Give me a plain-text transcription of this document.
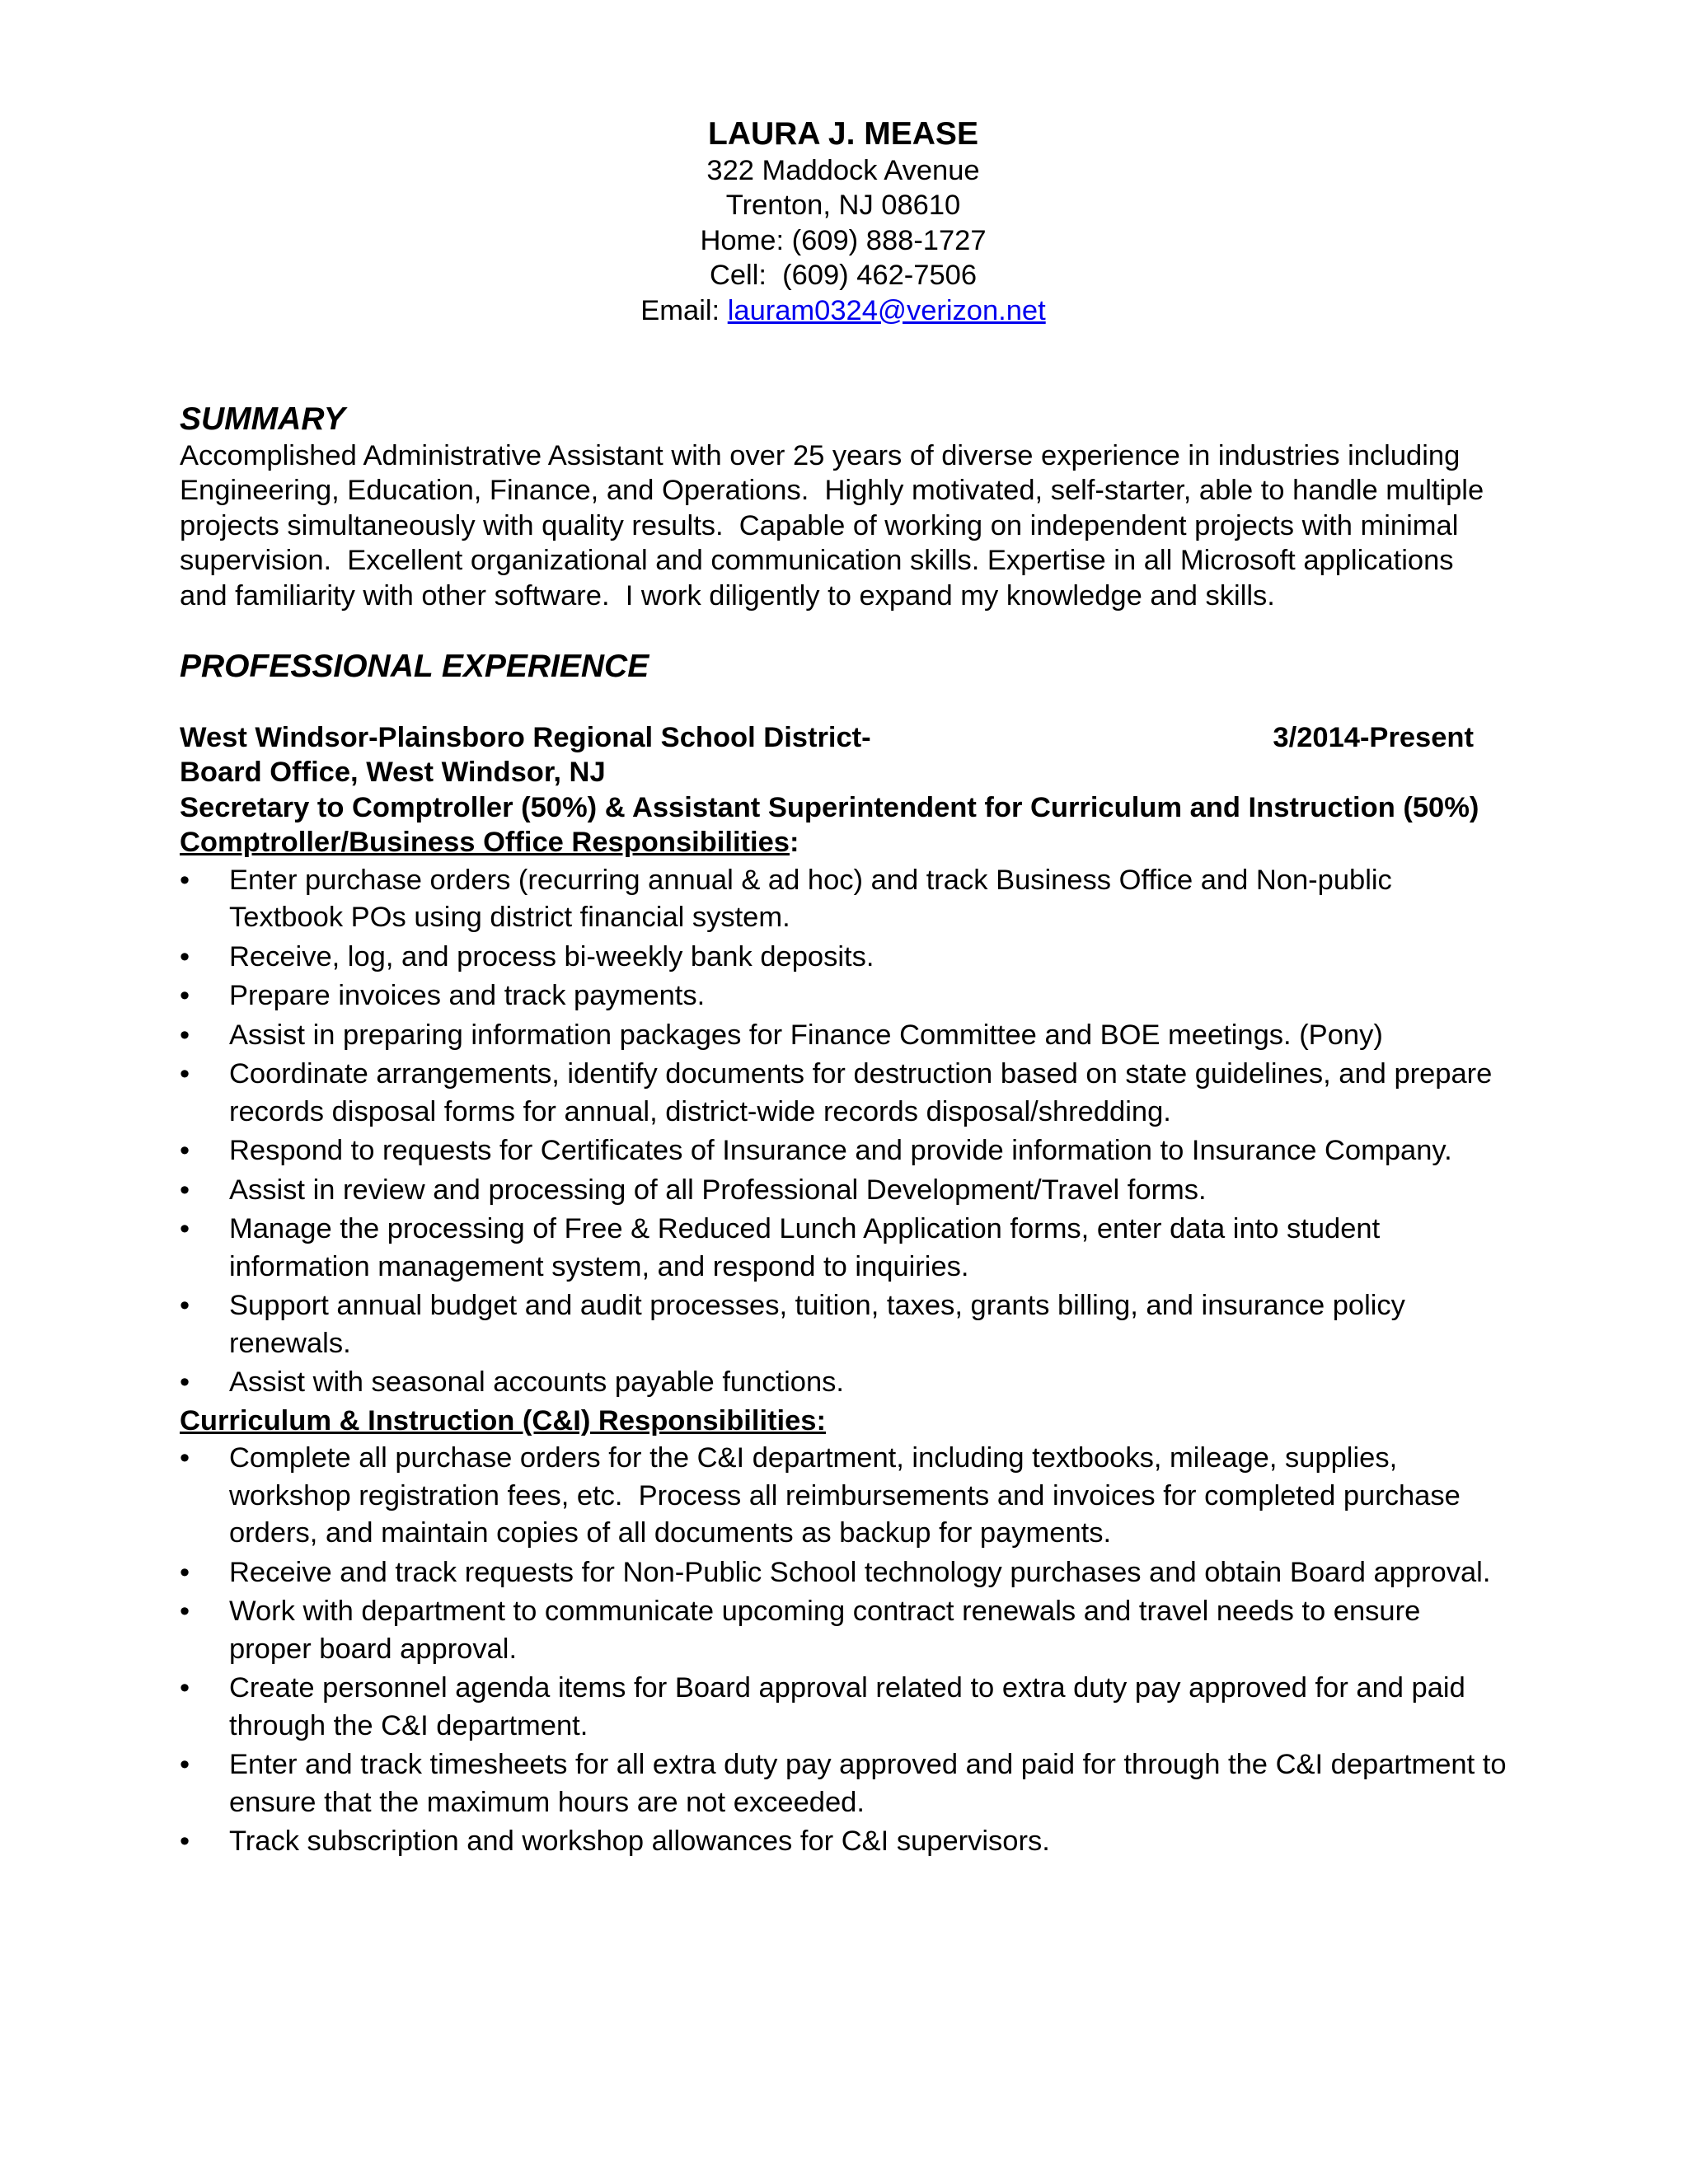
LAURA J. MEASE
322 Maddock Avenue
Trenton, NJ 08610
Home: (609) 888-1727
Cell:  (609) 462-7506
Email: lauram0324@verizon.net
SUMMARY

Accomplished Administrative Assistant with over 25 years of diverse experience in industries including Engineering, Education, Finance, and Operations.  Highly motivated, self-starter, able to handle multiple projects simultaneously with quality results.  Capable of working on independent projects with minimal supervision.  Excellent organizational and communication skills. Expertise in all Microsoft applications and familiarity with other software.  I work diligently to expand my knowledge and skills.

PROFESSIONAL EXPERIENCE
West Windsor-Plainsboro Regional School District-	3/2014-Present
Board Office, West Windsor, NJ
Secretary to Comptroller (50%) & Assistant Superintendent for Curriculum and Instruction (50%)
Comptroller/Business Office Responsibilities:
• Enter purchase orders (recurring annual & ad hoc) and track Business Office and Non-public Textbook POs using district financial system.
• Receive, log, and process bi-weekly bank deposits.
• Prepare invoices and track payments.
• Assist in preparing information packages for Finance Committee and BOE meetings. (Pony)
• Coordinate arrangements, identify documents for destruction based on state guidelines, and prepare records disposal forms for annual, district-wide records disposal/shredding.
• Respond to requests for Certificates of Insurance and provide information to Insurance Company.
• Assist in review and processing of all Professional Development/Travel forms.
• Manage the processing of Free & Reduced Lunch Application forms, enter data into student information management system, and respond to inquiries.
• Support annual budget and audit processes, tuition, taxes, grants billing, and insurance policy renewals.
• Assist with seasonal accounts payable functions.
Curriculum & Instruction (C&I) Responsibilities:
• Complete all purchase orders for the C&I department, including textbooks, mileage, supplies, workshop registration fees, etc.  Process all reimbursements and invoices for completed purchase orders, and maintain copies of all documents as backup for payments.
• Receive and track requests for Non-Public School technology purchases and obtain Board approval.
• Work with department to communicate upcoming contract renewals and travel needs to ensure proper board approval.
• Create personnel agenda items for Board approval related to extra duty pay approved for and paid through the C&I department.
• Enter and track timesheets for all extra duty pay approved and paid for through the C&I department to ensure that the maximum hours are not exceeded.
• Track subscription and workshop allowances for C&I supervisors.
